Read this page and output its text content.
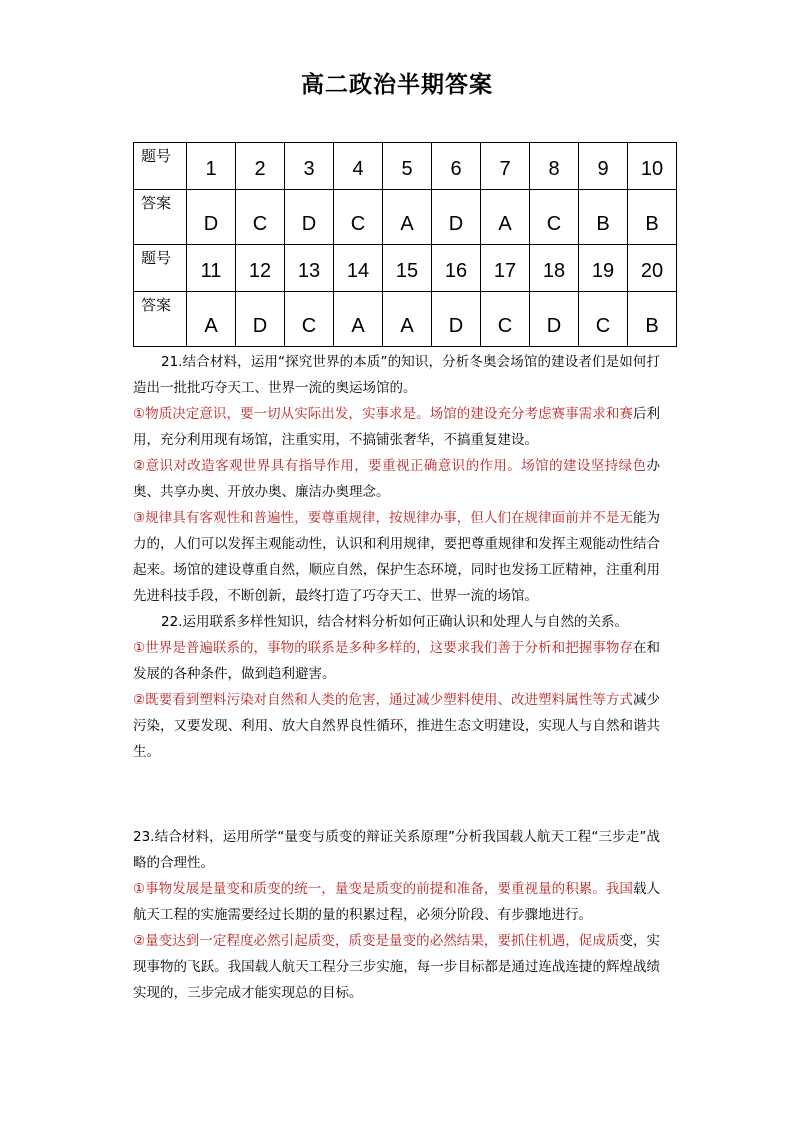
高二政治半期答案
题号	1	2	3	4	5	6	7	8	9	10
答案	D	C	D	C	A	D	A	C	B	B
题号	11	12	13	14	15	16	17	18	19	20
答案	A	D	C	A	A	D	C	D	C	B

21.结合材料，运用“探究世界的本质”的知识，分析冬奥会场馆的建设者们是如何打造出一批批巧夺天工、世界一流的奥运场馆的。

①物质决定意识，要一切从实际出发，实事求是。场馆的建设充分考虑赛事需求和赛后利用，充分利用现有场馆，注重实用，不搞铺张奢华，不搞重复建设。

②意识对改造客观世界具有指导作用，要重视正确意识的作用。场馆的建设坚持绿色办奥、共享办奥、开放办奥、廉洁办奥理念。

③规律具有客观性和普遍性，要尊重规律，按规律办事，但人们在规律面前并不是无能为力的，人们可以发挥主观能动性，认识和利用规律，要把尊重规律和发挥主观能动性结合起来。场馆的建设尊重自然，顺应自然，保护生态环境，同时也发扬工匠精神，注重利用先进科技手段，不断创新，最终打造了巧夺天工、世界一流的场馆。

22.运用联系多样性知识，结合材料分析如何正确认识和处理人与自然的关系。

①世界是普遍联系的，事物的联系是多种多样的，这要求我们善于分析和把握事物存在和发展的各种条件，做到趋利避害。

②既要看到塑料污染对自然和人类的危害，通过减少塑料使用、改进塑料属性等方式减少污染，又要发现、利用、放大自然界良性循环，推进生态文明建设，实现人与自然和谐共生。

23.结合材料，运用所学“量变与质变的辩证关系原理”分析我国载人航天工程“三步走”战略的合理性。

①事物发展是量变和质变的统一，量变是质变的前提和准备，要重视量的积累。我国载人航天工程的实施需要经过长期的量的积累过程，必须分阶段、有步骤地进行。

②量变达到一定程度必然引起质变，质变是量变的必然结果，要抓住机遇，促成质变，实现事物的飞跃。我国载人航天工程分三步实施，每一步目标都是通过连战连捷的辉煌战绩实现的，三步完成才能实现总的目标。
